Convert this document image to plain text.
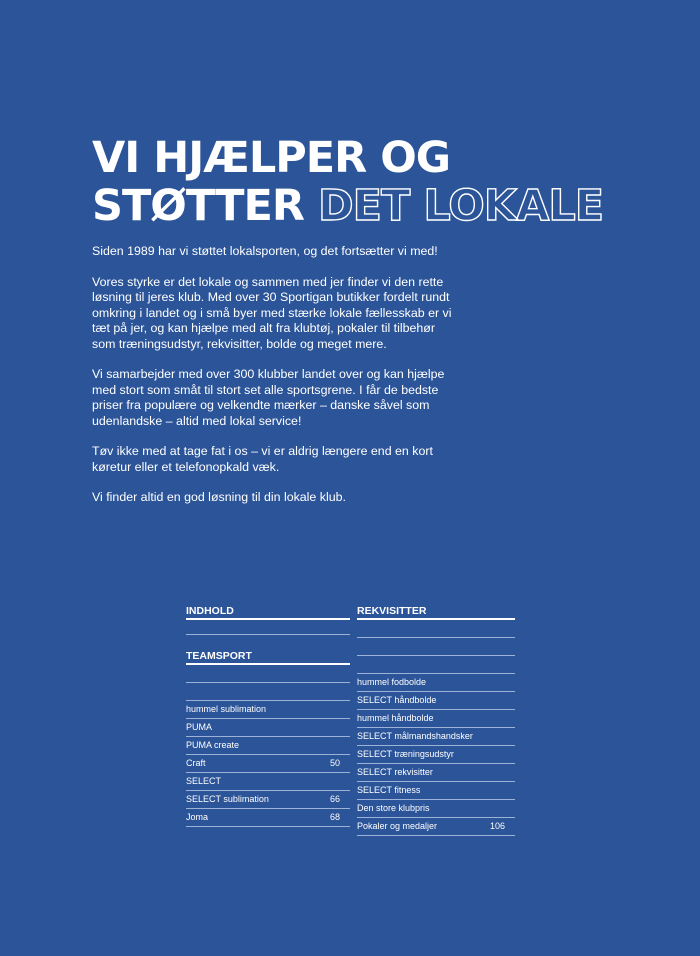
VI HJÆLPER OG
STØTTER DET LOKALE

Siden 1989 har vi støttet lokalsporten, og det fortsætter vi med!

Vores styrke er det lokale og sammen med jer finder vi den rette løsning til jeres klub. Med over 30 Sportigan butikker fordelt rundt omkring i landet og i små byer med stærke lokale fællesskab er vi tæt på jer, og kan hjælpe med alt fra klubtøj, pokaler til tilbehør som træningsudstyr, rekvisitter, bolde og meget mere.

Vi samarbejder med over 300 klubber landet over og kan hjælpe med stort som småt til stort set alle sportsgrene. I får de bedste priser fra populære og velkendte mærker – danske såvel som udenlandske – altid med lokal service!

Tøv ikke med at tage fat i os – vi er aldrig længere end en kort køretur eller et telefonopkald væk.

Vi finder altid en god løsning til din lokale klub.

INDHOLD
TEAMSPORT
hummel sublimation
PUMA
PUMA create
Craft	50
SELECT
SELECT sublimation	66
Joma	68
REKVISITTER
hummel fodbolde
SELECT håndbolde
hummel håndbolde
SELECT målmandshandsker
SELECT træningsudstyr
SELECT rekvisitter
SELECT fitness
Den store klubpris
Pokaler og medaljer	106
